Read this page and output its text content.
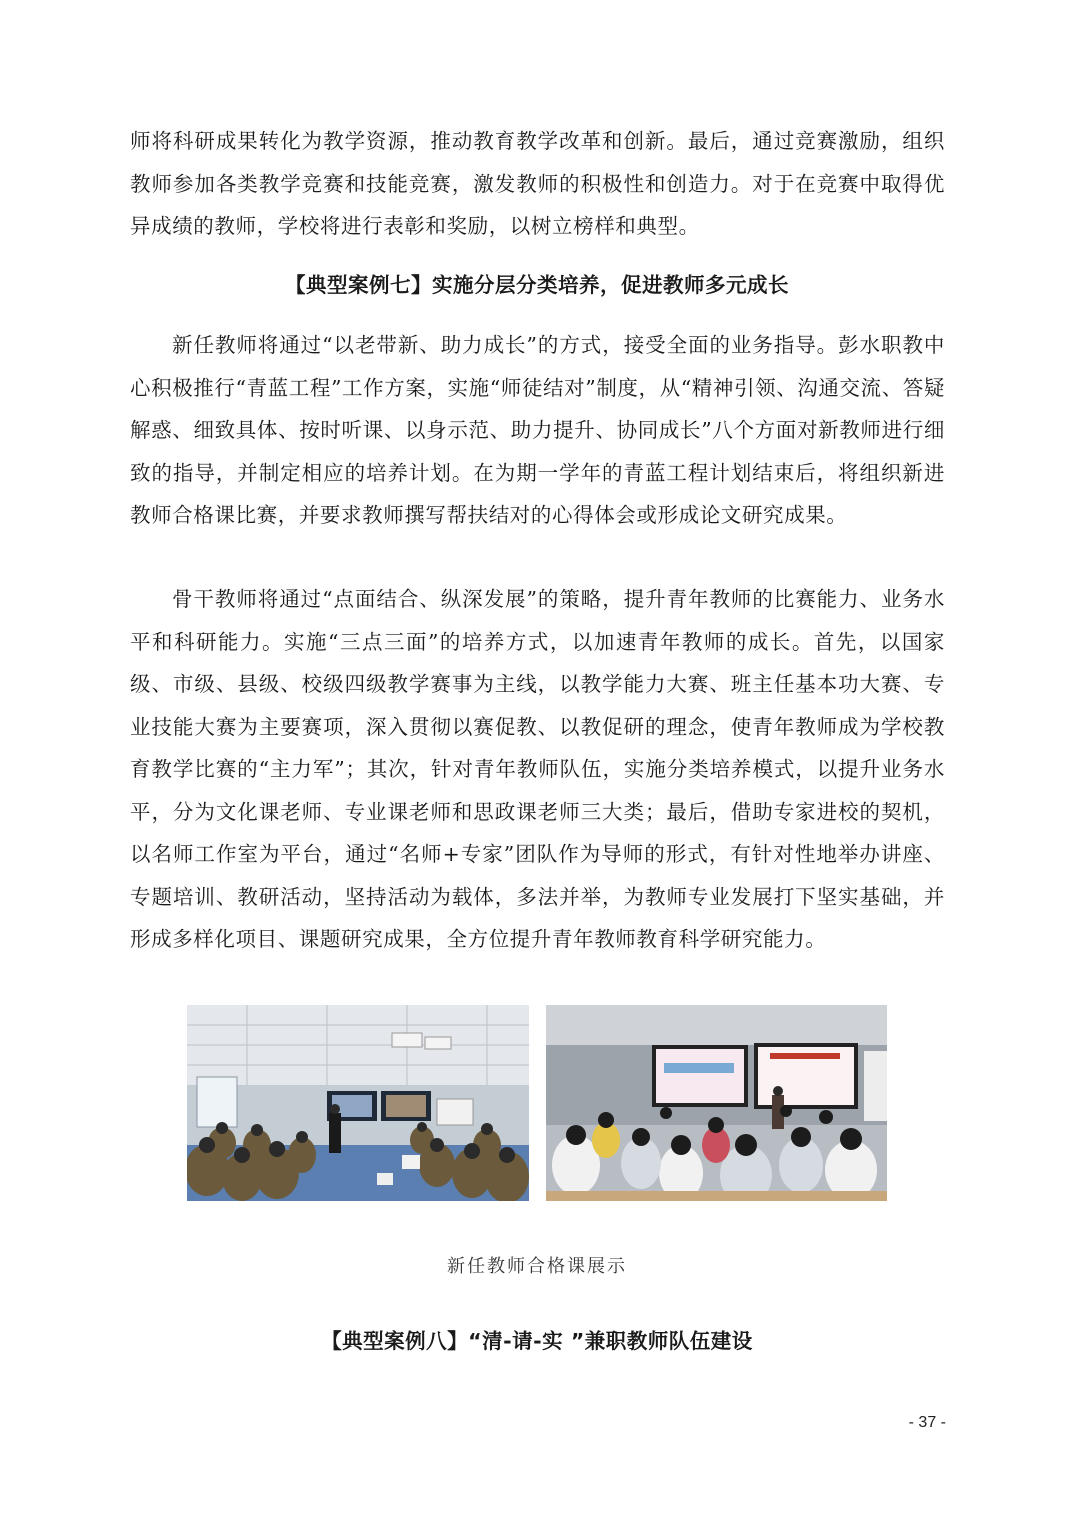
师将科研成果转化为教学资源，推动教育教学改革和创新。最后，通过竞赛激励，组织教师参加各类教学竞赛和技能竞赛，激发教师的积极性和创造力。对于在竞赛中取得优异成绩的教师，学校将进行表彰和奖励，以树立榜样和典型。

【典型案例七】实施分层分类培养，促进教师多元成长

新任教师将通过“以老带新、助力成长”的方式，接受全面的业务指导。彭水职教中心积极推行“青蓝工程”工作方案，实施“师徒结对”制度，从“精神引领、沟通交流、答疑解惑、细致具体、按时听课、以身示范、助力提升、协同成长”八个方面对新教师进行细致的指导，并制定相应的培养计划。在为期一学年的青蓝工程计划结束后，将组织新进教师合格课比赛，并要求教师撰写帮扶结对的心得体会或形成论文研究成果。

骨干教师将通过“点面结合、纵深发展”的策略，提升青年教师的比赛能力、业务水平和科研能力。实施“三点三面”的培养方式，以加速青年教师的成长。首先，以国家级、市级、县级、校级四级教学赛事为主线，以教学能力大赛、班主任基本功大赛、专业技能大赛为主要赛项，深入贯彻以赛促教、以教促研的理念，使青年教师成为学校教育教学比赛的“主力军”；其次，针对青年教师队伍，实施分类培养模式，以提升业务水平，分为文化课老师、专业课老师和思政课老师三大类；最后，借助专家进校的契机，以名师工作室为平台，通过“名师+专家”团队作为导师的形式，有针对性地举办讲座、专题培训、教研活动，坚持活动为载体，多法并举，为教师专业发展打下坚实基础，并形成多样化项目、课题研究成果，全方位提升青年教师教育科学研究能力。

新任教师合格课展示
【典型案例八】“清-请-实 ”兼职教师队伍建设
- 37 -
